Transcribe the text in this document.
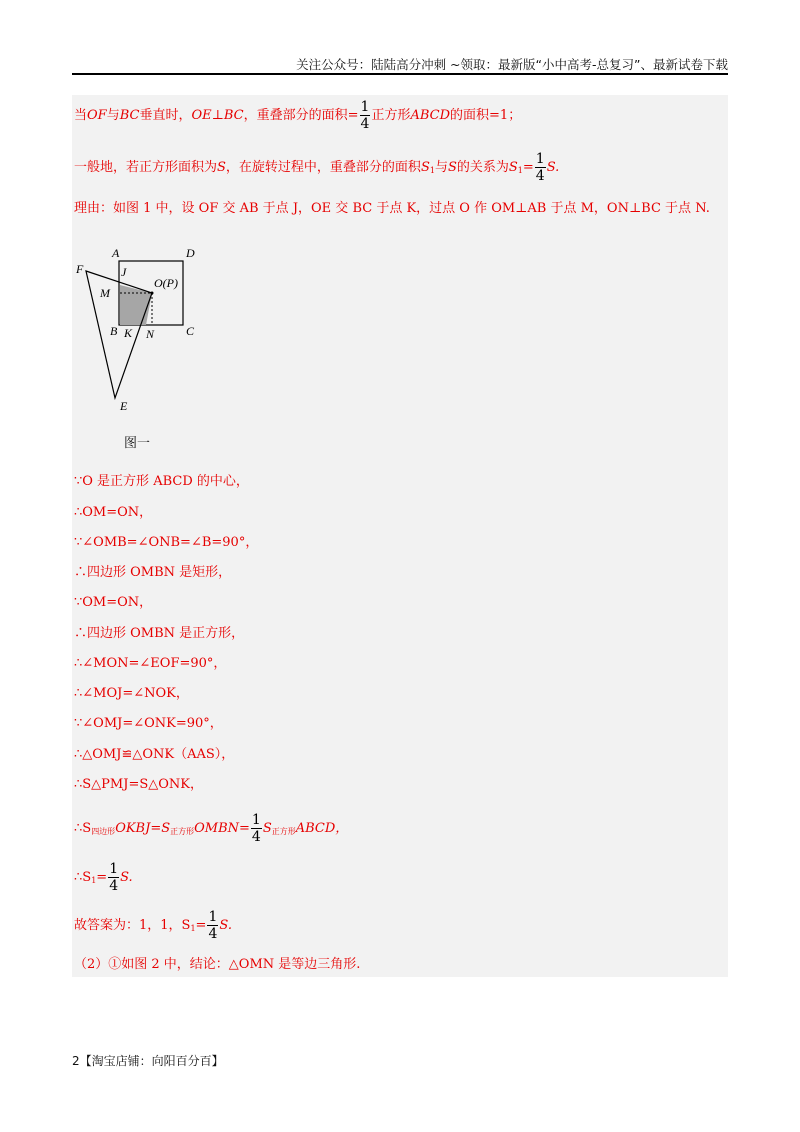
关注公众号：陆陆高分冲刺 ~领取：最新版“小中高考-总复习”、最新试卷下载
当OF与BC垂直时，OE⊥BC，重叠部分的面积= $\frac{1}{4}$ 正方形ABCD的面积=1；
一般地，若正方形面积为S，在旋转过程中，重叠部分的面积$S_1$与S的关系为$S_1= \frac{1}{4} S$.
理由：如图 1 中，设 OF 交 AB 于点 J，OE 交 BC 于点 K，过点 O 作 OM⊥AB 于点 M，ON⊥BC 于点 N.
A	D
F	J
M
O(P)
B K N	C
E
图一
∵O 是正方形 ABCD 的中心，
∴OM=ON，
∵∠OMB=∠ONB=∠B=90°，
∴四边形 OMBN 是矩形，
∵OM=ON，
∴四边形 OMBN 是正方形，
∴∠MON=∠EOF=90°，
∴∠MOJ=∠NOK，
∵∠OMJ=∠ONK=90°，
∴△OMJ≌△ONK（AAS），
∴S△PMJ=S△ONK，
$\therefore S_{四边形}OKBJ=S_{正方形}OMBN= \frac{1}{4}$ $S_{正方形}ABCD$，
$\therefore S_1= \frac{1}{4} S$.
故答案为：1，1，$S_1= \frac{1}{4} S$.
（2）①如图 2 中，结论：△OMN 是等边三角形.
2【淘宝店铺：向阳百分百】
